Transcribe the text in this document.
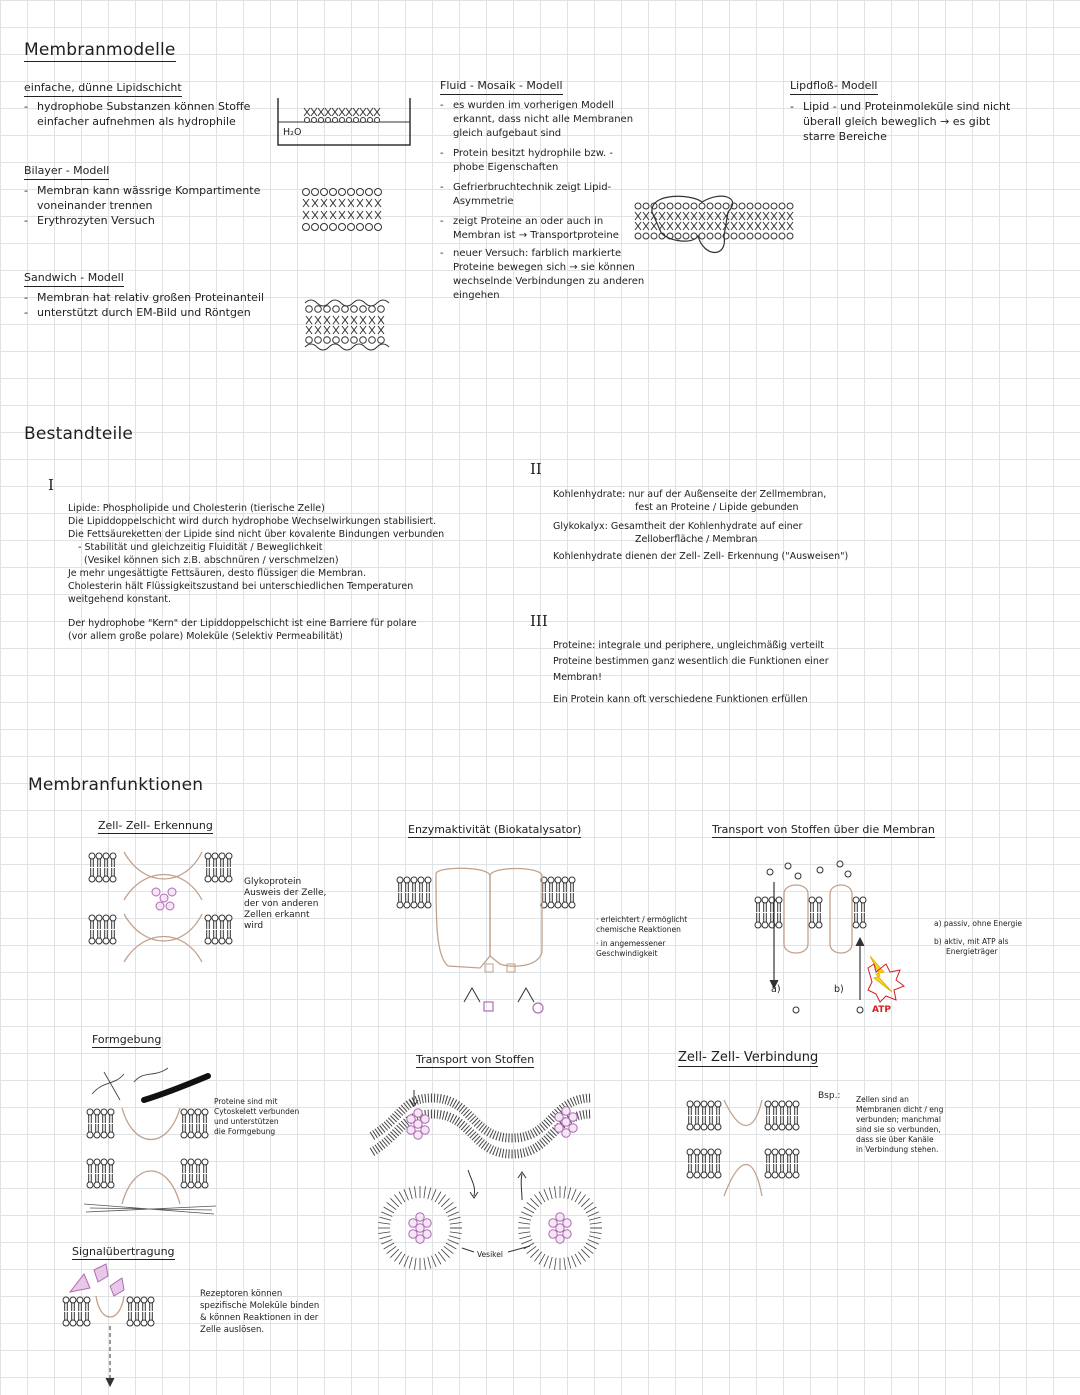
Membranmodelle
einfache, dünne Lipidschicht
- hydrophobe Substanzen können Stoffe einfacher aufnehmen als hydrophile
H₂O
Bilayer - Modell
- Membran kann wässrige Kompartimente voneinander trennen
- Erythrozyten Versuch
Sandwich - Modell
- Membran hat relativ großen Proteinanteil
- unterstützt durch EM-Bild und Röntgen
Fluid - Mosaik - Modell
- es wurden im vorherigen Modell erkannt, dass nicht alle Membranen gleich aufgebaut sind
- Protein besitzt hydrophile bzw. - phobe Eigenschaften
- Gefrierbruchtechnik zeigt Lipid- Asymmetrie
- zeigt Proteine an oder auch in Membran ist → Transportproteine
- neuer Versuch: farblich markierte Proteine bewegen sich → sie können wechselnde Verbindungen zu anderen eingehen
Lipdfloß- Modell
- Lipid - und Proteinmoleküle sind nicht überall gleich beweglich → es gibt starre Bereiche
Bestandteile
I
II
III
Lipide: Phospholipide und Cholesterin (tierische Zelle)
Die Lipiddoppelschicht wird durch hydrophobe Wechselwirkungen stabilisiert.
Die Fettsäureketten der Lipide sind nicht über kovalente Bindungen verbunden
- Stabilität und gleichzeitig Fluidität / Beweglichkeit
(Vesikel können sich z.B. abschnüren / verschmelzen)
Je mehr ungesättigte Fettsäuren, desto flüssiger die Membran.
Cholesterin hält Flüssigkeitszustand bei unterschiedlichen Temperaturen
weitgehend konstant.
Der hydrophobe "Kern" der Lipiddoppelschicht ist eine Barriere für polare
(vor allem große polare) Moleküle (Selektiv Permeabilität)
Kohlenhydrate: nur auf der Außenseite der Zellmembran,
fest an Proteine / Lipide gebunden
Glykokalyx: Gesamtheit der Kohlenhydrate auf einer
Zelloberfläche / Membran
Kohlenhydrate dienen der Zell- Zell- Erkennung ("Ausweisen")
Proteine: integrale und periphere, ungleichmäßig verteilt
Proteine bestimmen ganz wesentlich die Funktionen einer
Membran!
Ein Protein kann oft verschiedene Funktionen erfüllen
Membranfunktionen
Zell- Zell- Erkennung
Glykoprotein
Ausweis der Zelle,
der von anderen
Zellen erkannt
wird
Enzymaktivität (Biokatalysator)
· erleichtert / ermöglicht
chemische Reaktionen
· in angemessener
Geschwindigkeit
Transport von Stoffen über die Membran
a)	b)
ATP
a) passiv, ohne Energie
b) aktiv, mit ATP als
Energieträger
Formgebung
Proteine sind mit
Cytoskelett verbunden
und unterstützen
die Formgebung
Transport von Stoffen
Vesikel
Zell- Zell- Verbindung
Bsp.: Zellen sind an
Membranen dicht / eng
verbunden; manchmal
sind sie so verbunden,
dass sie über Kanäle
in Verbindung stehen.
Signalübertragung
Rezeptoren können
spezifische Moleküle binden
& können Reaktionen in der
Zelle auslösen.
